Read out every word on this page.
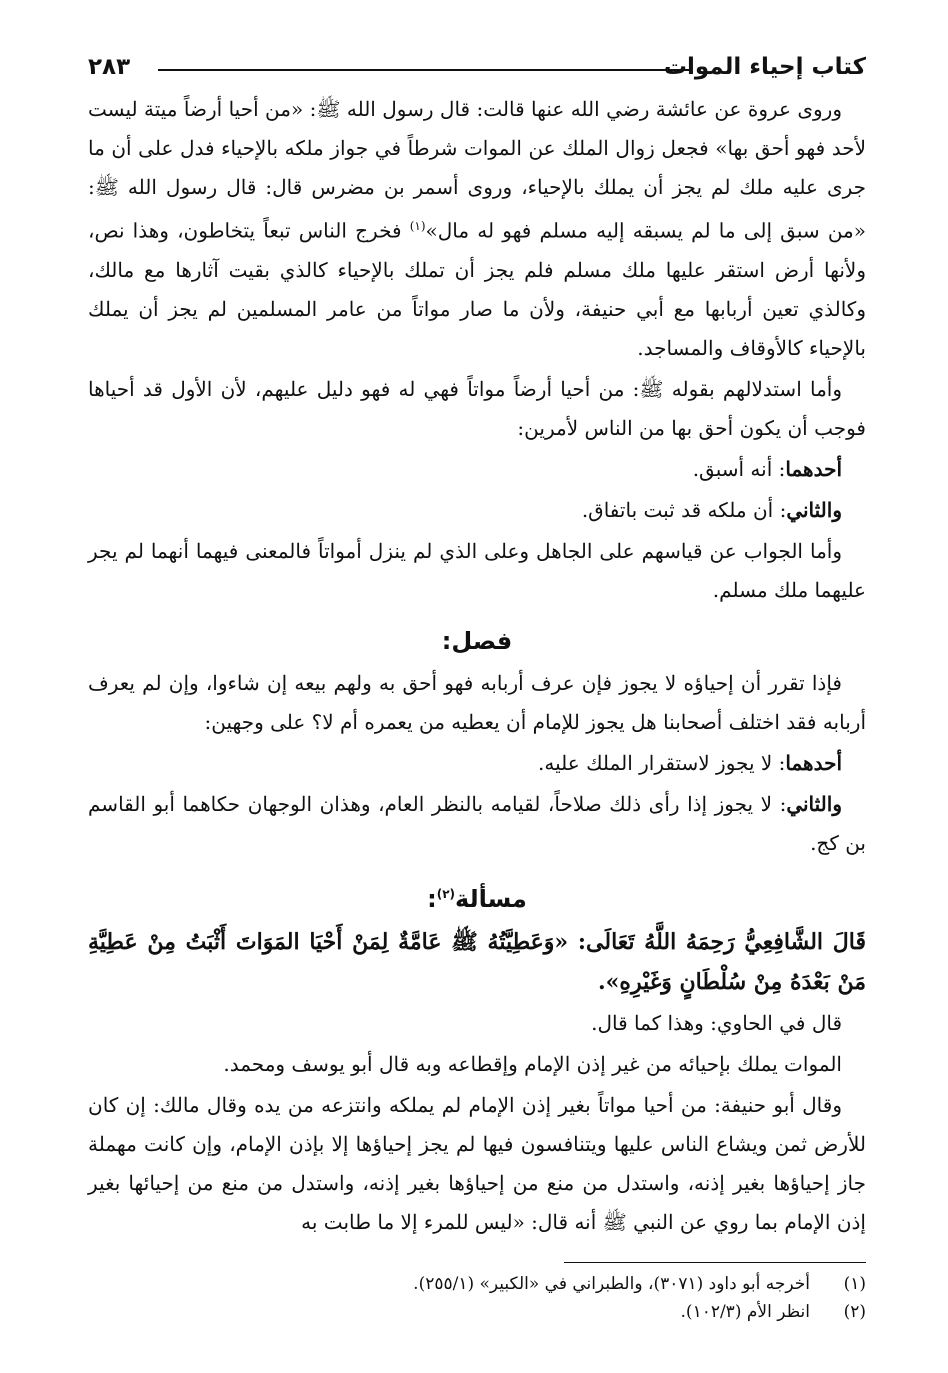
كتاب إحياء الموات
٢٨٣

وروى عروة عن عائشة رضي الله عنها قالت: قال رسول الله ﷺ: «من أحيا أرضاً ميتة ليست لأحد فهو أحق بها» فجعل زوال الملك عن الموات شرطاً في جواز ملكه بالإحياء فدل على أن ما جرى عليه ملك لم يجز أن يملك بالإحياء، وروى أسمر بن مضرس قال: قال رسول الله ﷺ: «من سبق إلى ما لم يسبقه إليه مسلم فهو له مال»$^{(١)}$ فخرج الناس تبعاً يتخاطون، وهذا نص، ولأنها أرض استقر عليها ملك مسلم فلم يجز أن تملك بالإحياء كالذي بقيت آثارها مع مالك، وكالذي تعين أربابها مع أبي حنيفة، ولأن ما صار مواتاً من عامر المسلمين لم يجز أن يملك بالإحياء كالأوقاف والمساجد.

وأما استدلالهم بقوله ﷺ: من أحيا أرضاً مواتاً فهي له فهو دليل عليهم، لأن الأول قد أحياها فوجب أن يكون أحق بها من الناس لأمرين:

أحدهما: أنه أسبق.

والثاني: أن ملكه قد ثبت باتفاق.

وأما الجواب عن قياسهم على الجاهل وعلى الذي لم ينزل أمواتاً فالمعنى فيهما أنهما لم يجر عليهما ملك مسلم.

فصل:

فإذا تقرر أن إحياؤه لا يجوز فإن عرف أربابه فهو أحق به ولهم بيعه إن شاءوا، وإن لم يعرف أربابه فقد اختلف أصحابنا هل يجوز للإمام أن يعطيه من يعمره أم لا؟ على وجهين:

أحدهما: لا يجوز لاستقرار الملك عليه.

والثاني: لا يجوز إذا رأى ذلك صلاحاً، لقيامه بالنظر العام، وهذان الوجهان حكاهما أبو القاسم بن كج.

مسألة$^{(٢)}$:

قَالَ الشَّافِعِيُّ رَحِمَهُ اللَّهُ تَعَالَى: «وَعَطِيَّتُهُ ﷺ عَامَّةٌ لِمَنْ أَحْيَا المَوَاتَ أَثْبَتُ مِنْ عَطِيَّةِ مَنْ بَعْدَهُ مِنْ سُلْطَانٍ وَغَيْرِهِ».

قال في الحاوي: وهذا كما قال.

الموات يملك بإحيائه من غير إذن الإمام وإقطاعه وبه قال أبو يوسف ومحمد.

وقال أبو حنيفة: من أحيا مواتاً بغير إذن الإمام لم يملكه وانتزعه من يده وقال مالك: إن كان للأرض ثمن ويشاع الناس عليها ويتنافسون فيها لم يجز إحياؤها إلا بإذن الإمام، وإن كانت مهملة جاز إحياؤها بغير إذنه، واستدل من منع من إحياؤها بغير إذنه، واستدل من منع من إحيائها بغير إذن الإمام بما روي عن النبي ﷺ أنه قال: «ليس للمرء إلا ما طابت به

(١)
أخرجه أبو داود (٣٠٧١)، والطبراني في «الكبير» (٢٥٥/١).
(٢)
انظر الأم (١٠٢/٣).
